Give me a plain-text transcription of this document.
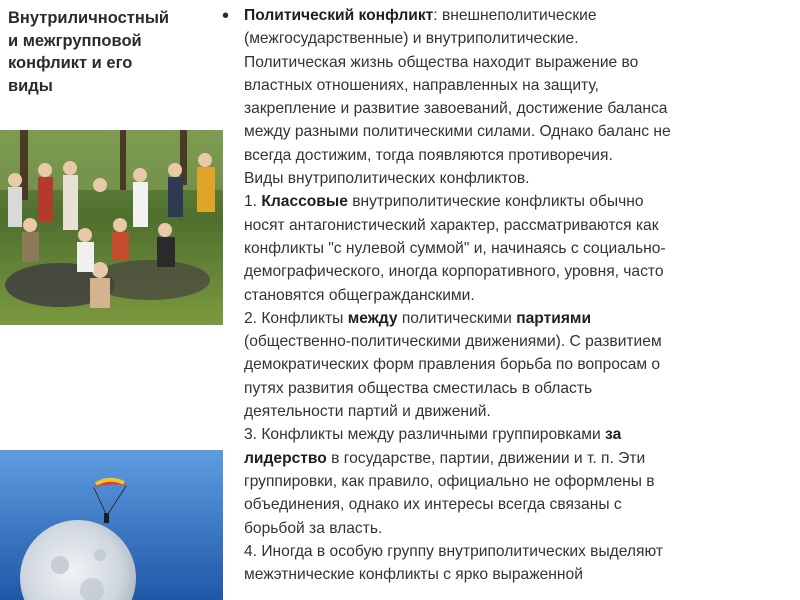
Внутриличностный
и межгрупповой
конфликт и его
виды
• Политический конфликт: внешнеполитические
(межгосударственные) и внутриполитические.
Политическая жизнь общества находит выражение во
властных отношениях, направленных на защиту,
закрепление и развитие завоеваний, достижение баланса
между разными политическими силами. Однако баланс не
всегда достижим, тогда появляются противоречия.
Виды внутриполитических конфликтов.
1. Классовые внутриполитические конфликты обычно
носят антагонистический характер, рассматриваются как
конфликты "с нулевой суммой" и, начинаясь с социально-
демографического, иногда корпоративного, уровня, часто
становятся общегражданскими.
2. Конфликты между политическими партиями
(общественно-политическими движениями). С развитием
демократических форм правления борьба по вопросам о
путях развития общества сместилась в область
деятельности партий и движений.
3. Конфликты между различными группировками за
лидерство в государстве, партии, движении и т. п. Эти
группировки, как правило, официально не оформлены в
объединения, однако их интересы всегда связаны с
борьбой за власть.
4. Иногда в особую группу внутриполитических выделяют
межэтнические конфликты с ярко выраженной
